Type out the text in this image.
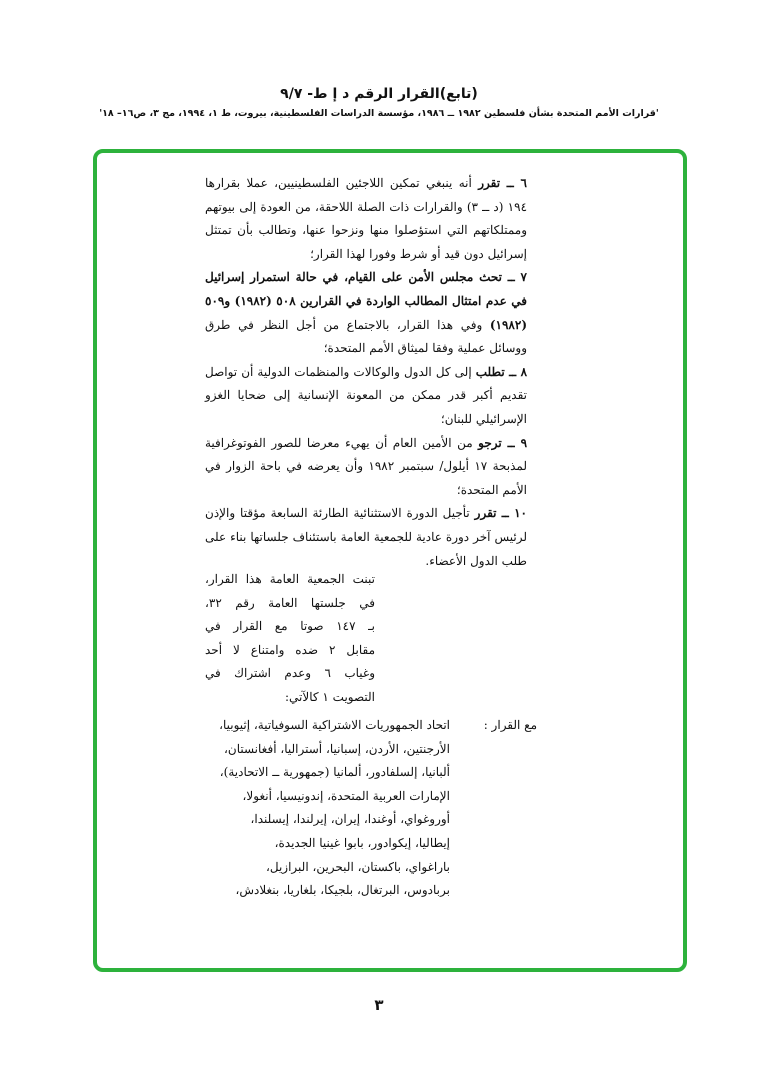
(تابع)القرار الرقم د إ ط- ٩/٧
'قرارات الأمم المتحدة بشأن فلسطين ١٩٨٢ ــ ١٩٨٦، مؤسسة الدراسات الفلسطينية، بيروت، ط ١، ١٩٩٤، مج ٣، ص١٦– ١٨'

٦ ــ تقرر أنه ينبغي تمكين اللاجئين الفلسطينيين، عملا بقرارها ١٩٤ (د ــ ٣) والقرارات ذات الصلة اللاحقة، من العودة إلى بيوتهم وممتلكاتهم التي استؤصلوا منها ونزحوا عنها، وتطالب بأن تمتثل إسرائيل دون قيد أو شرط وفورا لهذا القرار؛

٧ ــ تحث مجلس الأمن على القيام، في حالة استمرار إسرائيل في عدم امتثال المطالب الواردة في القرارين ٥٠٨ (١٩٨٢) و٥٠٩ (١٩٨٢) وفي هذا القرار، بالاجتماع من أجل النظر في طرق ووسائل عملية وفقا لميثاق الأمم المتحدة؛

٨ ــ تطلب إلى كل الدول والوكالات والمنظمات الدولية أن تواصل تقديم أكبر قدر ممكن من المعونة الإنسانية إلى ضحايا الغزو الإسرائيلي للبنان؛

٩ ــ ترجو من الأمين العام أن يهيء معرضا للصور الفوتوغرافية لمذبحة ١٧ أيلول/ سبتمبر ١٩٨٢ وأن يعرضه في باحة الزوار في الأمم المتحدة؛

١٠ ــ تقرر تأجيل الدورة الاستثنائية الطارئة السابعة مؤقتا والإذن لرئيس آخر دورة عادية للجمعية العامة باستئناف جلساتها بناء على طلب الدول الأعضاء.

تبنت الجمعية العامة هذا القرار،
في جلستها العامة رقم ٣٢،
بـ ١٤٧ صوتا مع القرار في
مقابل ٢ ضده وامتناع لا أحد
وغياب ٦ وعدم اشتراك في
التصويت ١ كالآتي:
مع القرار :
اتحاد الجمهوريات الاشتراكية السوفياتية، إثيوبيا،
الأرجنتين، الأردن، إسبانيا، أستراليا، أفغانستان،
ألبانيا، إلسلفادور، ألمانيا (جمهورية ــ الاتحادية)،
الإمارات العربية المتحدة، إندونيسيا، أنغولا،
أوروغواي، أوغندا، إيران، إيرلندا، إيسلندا،
إيطاليا، إيكوادور، بابوا غينيا الجديدة،
باراغواي، باكستان، البحرين، البرازيل،
بربادوس، البرتغال، بلجيكا، بلغاريا، بنغلادش،
٣
